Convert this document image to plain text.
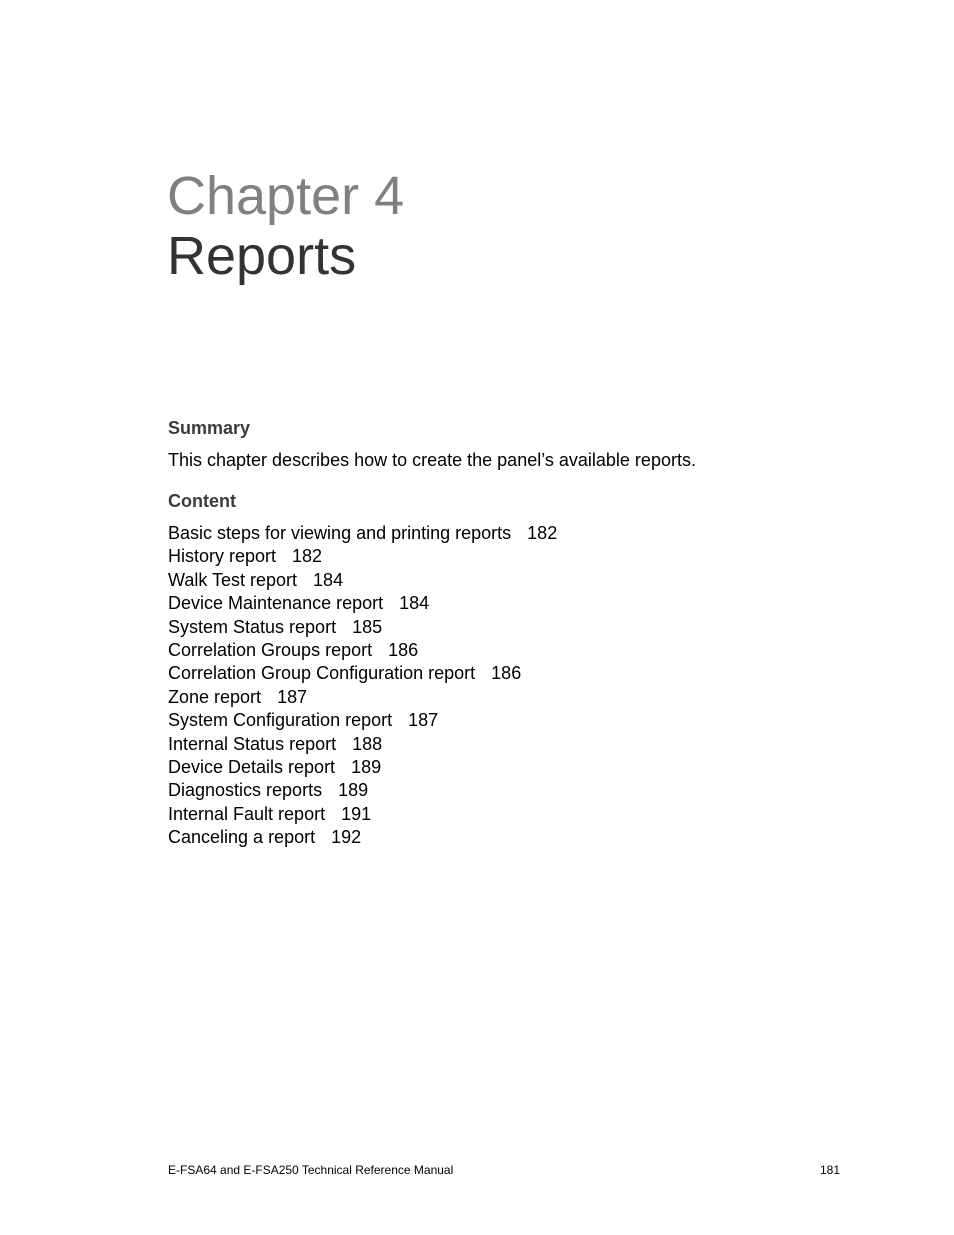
Chapter 4
Reports
Summary

This chapter describes how to create the panel’s available reports.

Content
Basic steps for viewing and printing reports 182
History report 182
Walk Test report 184
Device Maintenance report 184
System Status report 185
Correlation Groups report 186
Correlation Group Configuration report 186
Zone report 187
System Configuration report 187
Internal Status report 188
Device Details report 189
Diagnostics reports 189
Internal Fault report 191
Canceling a report 192
E-FSA64 and E-FSA250 Technical Reference Manual	181
